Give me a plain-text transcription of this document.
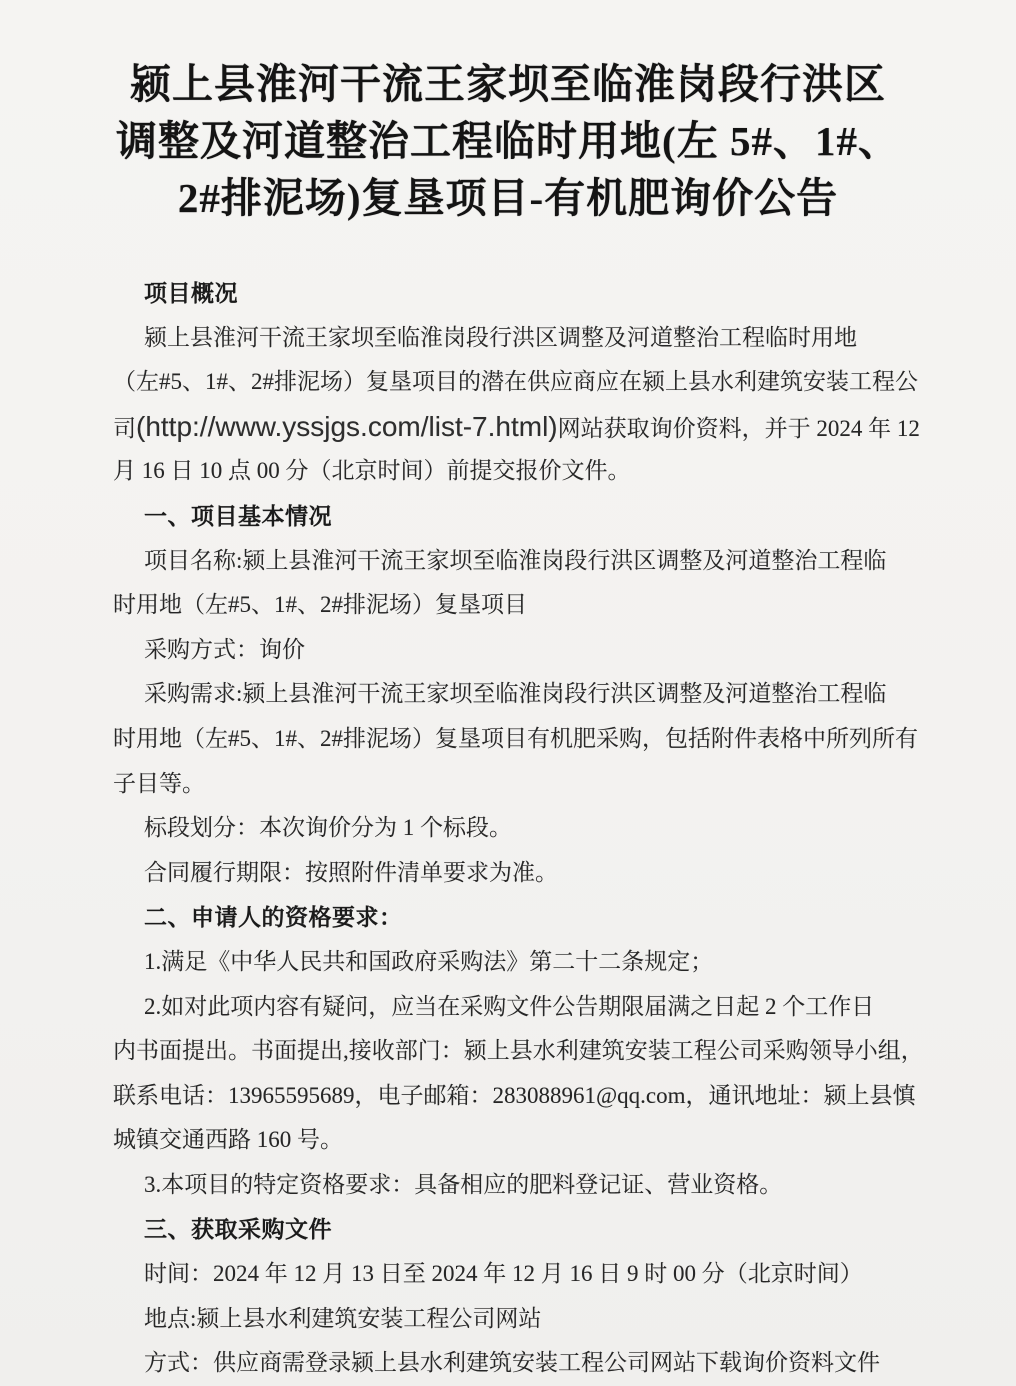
颍上县淮河干流王家坝至临淮岗段行洪区
调整及河道整治工程临时用地(左 5#、1#、
2#排泥场)复垦项目-有机肥询价公告
项目概况
颍上县淮河干流王家坝至临淮岗段行洪区调整及河道整治工程临时用地
（左#5、1#、2#排泥场）复垦项目的潜在供应商应在颍上县水利建筑安装工程公
司(http://www.yssjgs.com/list-7.html)网站获取询价资料，并于 2024 年 12
月 16 日 10 点 00 分（北京时间）前提交报价文件。
一、项目基本情况
项目名称:颍上县淮河干流王家坝至临淮岗段行洪区调整及河道整治工程临
时用地（左#5、1#、2#排泥场）复垦项目
采购方式：询价
采购需求:颍上县淮河干流王家坝至临淮岗段行洪区调整及河道整治工程临
时用地（左#5、1#、2#排泥场）复垦项目有机肥采购，包括附件表格中所列所有
子目等。
标段划分：本次询价分为 1 个标段。
合同履行期限：按照附件清单要求为准。
二、申请人的资格要求：
1.满足《中华人民共和国政府采购法》第二十二条规定；
2.如对此项内容有疑问，应当在采购文件公告期限届满之日起 2 个工作日
内书面提出。书面提出,接收部门：颍上县水利建筑安装工程公司采购领导小组，
联系电话：13965595689，电子邮箱：283088961@qq.com，通讯地址：颍上县慎
城镇交通西路 160 号。
3.本项目的特定资格要求：具备相应的肥料登记证、营业资格。
三、获取采购文件
时间：2024 年 12 月 13 日至 2024 年 12 月 16 日 9 时 00 分（北京时间）
地点:颍上县水利建筑安装工程公司网站
方式：供应商需登录颍上县水利建筑安装工程公司网站下载询价资料文件
